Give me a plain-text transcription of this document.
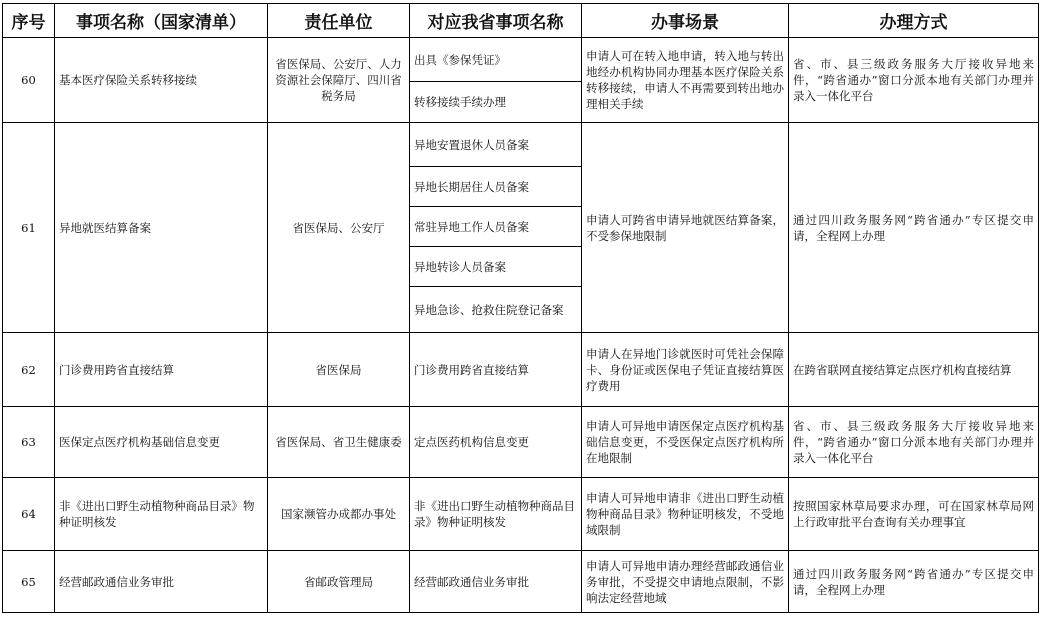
序号	事项名称（国家清单）	责任单位	对应我省事项名称	办事场景	办理方式
60	基本医疗保险关系转移接续	省医保局、公安厅、人力资源社会保障厅、四川省税务局	出具《参保凭证》	申请人可在转入地申请，转入地与转出地经办机构协同办理基本医疗保险关系转移接续，申请人不再需要到转出地办理相关手续	省、市、县三级政务服务大厅接收异地来件，“跨省通办”窗口分派本地有关部门办理并录入一体化平台
			转移接续手续办理		
61	异地就医结算备案	省医保局、公安厅	异地安置退休人员备案	申请人可跨省申请异地就医结算备案，不受参保地限制	通过四川政务服务网“跨省通办”专区提交申请，全程网上办理
			异地长期居住人员备案		
			常驻异地工作人员备案		
			异地转诊人员备案		
			异地急诊、抢救住院登记备案		
62	门诊费用跨省直接结算	省医保局	门诊费用跨省直接结算	申请人在异地门诊就医时可凭社会保障卡、身份证或医保电子凭证直接结算医疗费用	在跨省联网直接结算定点医疗机构直接结算
63	医保定点医疗机构基础信息变更	省医保局、省卫生健康委	定点医药机构信息变更	申请人可异地申请医保定点医疗机构基础信息变更，不受医保定点医疗机构所在地限制	省、市、县三级政务服务大厅接收异地来件，“跨省通办”窗口分派本地有关部门办理并录入一体化平台
64	非《进出口野生动植物种商品目录》物种证明核发	国家濒管办成都办事处	非《进出口野生动植物种商品目录》物种证明核发	申请人可异地申请非《进出口野生动植物种商品目录》物种证明核发，不受地域限制	按照国家林草局要求办理，可在国家林草局网上行政审批平台查询有关办理事宜
65	经营邮政通信业务审批	省邮政管理局	经营邮政通信业务审批	申请人可异地申请办理经营邮政通信业务审批，不受提交申请地点限制，不影响法定经营地域	通过四川政务服务网“跨省通办”专区提交申请，全程网上办理
